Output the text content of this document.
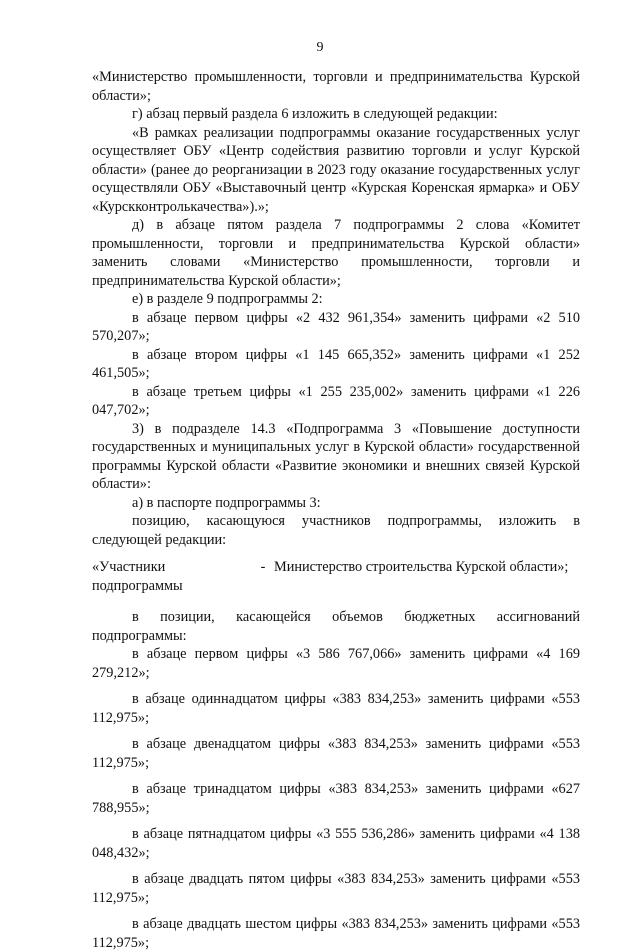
9

«Министерство промышленности, торговли и предпринимательства Курской области»;

г) абзац первый раздела 6 изложить в следующей редакции:

«В рамках реализации подпрограммы оказание государственных услуг осуществляет ОБУ «Центр содействия развитию торговли и услуг Курской области» (ранее до реорганизации в 2023 году оказание государственных услуг осуществляли ОБУ «Выставочный центр «Курская Коренская ярмарка» и ОБУ «Курскконтролькачества»).»;

д) в абзаце пятом раздела 7 подпрограммы 2 слова «Комитет промышленности, торговли и предпринимательства Курской области» заменить словами «Министерство промышленности, торговли и предпринимательства Курской области»;

е) в разделе 9 подпрограммы 2:

в абзаце первом цифры «2 432 961,354» заменить цифрами «2 510 570,207»;

в абзаце втором цифры «1 145 665,352» заменить цифрами «1 252 461,505»;

в абзаце третьем цифры «1 255 235,002» заменить цифрами «1 226 047,702»;

3) в подразделе 14.3 «Подпрограмма 3 «Повышение доступности государственных и муниципальных услуг в Курской области» государственной программы Курской области «Развитие экономики и внешних связей Курской области»:

а) в паспорте подпрограммы 3:

позицию, касающуюся участников подпрограммы, изложить в следующей редакции:

«Участники подпрограммы
- Министерство строительства Курской области»;

в позиции, касающейся объемов бюджетных ассигнований подпрограммы:

в абзаце первом цифры «3 586 767,066» заменить цифрами «4 169 279,212»;

в абзаце одиннадцатом цифры «383 834,253» заменить цифрами «553 112,975»;

в абзаце двенадцатом цифры «383 834,253» заменить цифрами «553 112,975»;

в абзаце тринадцатом цифры «383 834,253» заменить цифрами «627 788,955»;

в абзаце пятнадцатом цифры «3 555 536,286» заменить цифрами «4 138 048,432»;

в абзаце двадцать пятом цифры «383 834,253» заменить цифрами «553 112,975»;

в абзаце двадцать шестом цифры «383 834,253» заменить цифрами «553 112,975»;
